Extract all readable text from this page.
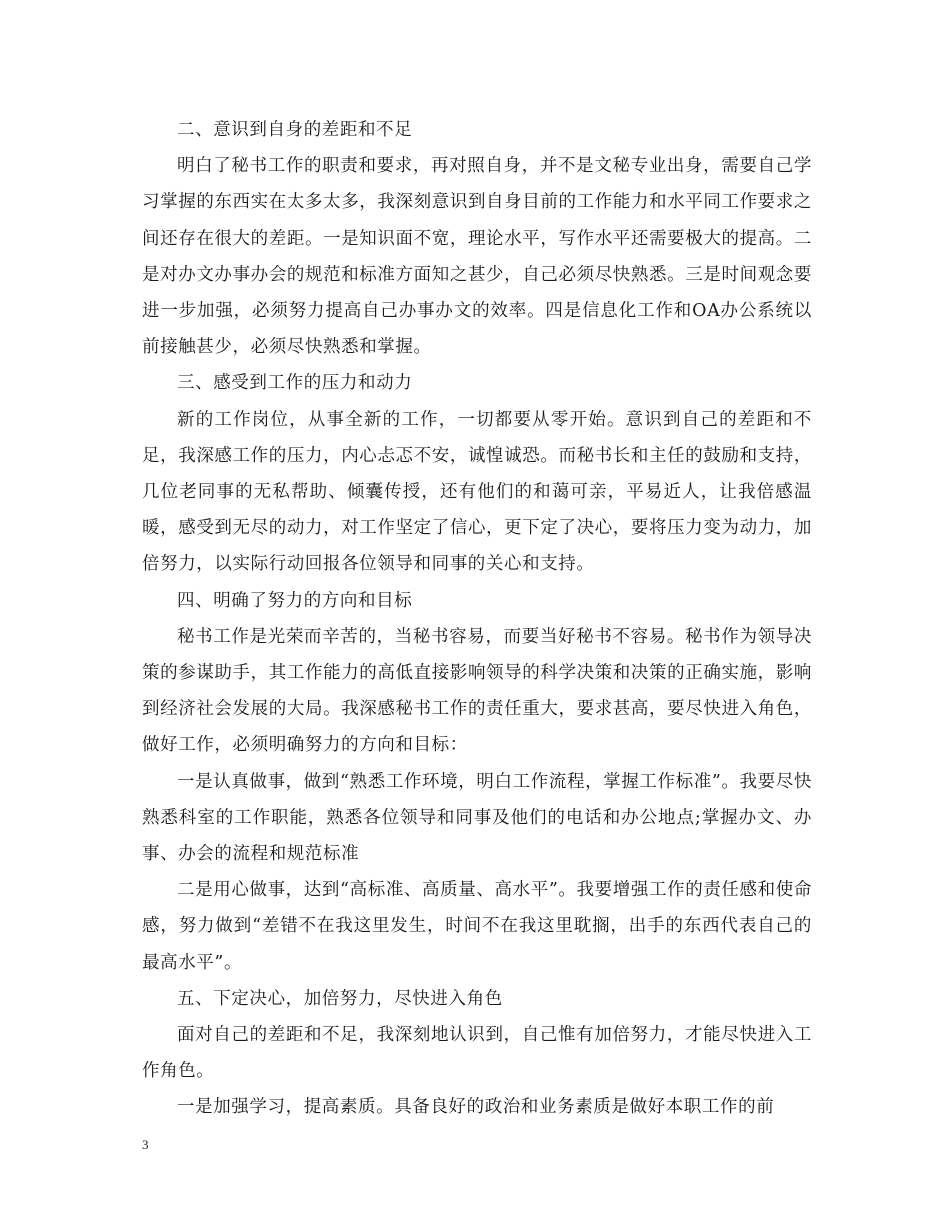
二、意识到自身的差距和不足

明白了秘书工作的职责和要求，再对照自身，并不是文秘专业出身，需要自己学习掌握的东西实在太多太多，我深刻意识到自身目前的工作能力和水平同工作要求之间还存在很大的差距。一是知识面不宽，理论水平，写作水平还需要极大的提高。二是对办文办事办会的规范和标准方面知之甚少，自己必须尽快熟悉。三是时间观念要进一步加强，必须努力提高自己办事办文的效率。四是信息化工作和OA办公系统以前接触甚少，必须尽快熟悉和掌握。

三、感受到工作的压力和动力

新的工作岗位，从事全新的工作，一切都要从零开始。意识到自己的差距和不足，我深感工作的压力，内心忐忑不安，诚惶诚恐。而秘书长和主任的鼓励和支持，几位老同事的无私帮助、倾囊传授，还有他们的和蔼可亲，平易近人，让我倍感温暖，感受到无尽的动力，对工作坚定了信心，更下定了决心，要将压力变为动力，加倍努力，以实际行动回报各位领导和同事的关心和支持。

四、明确了努力的方向和目标

秘书工作是光荣而辛苦的，当秘书容易，而要当好秘书不容易。秘书作为领导决策的参谋助手，其工作能力的高低直接影响领导的科学决策和决策的正确实施，影响到经济社会发展的大局。我深感秘书工作的责任重大，要求甚高，要尽快进入角色，做好工作，必须明确努力的方向和目标：

一是认真做事，做到“熟悉工作环境，明白工作流程，掌握工作标准”。我要尽快熟悉科室的工作职能，熟悉各位领导和同事及他们的电话和办公地点;掌握办文、办事、办会的流程和规范标准

二是用心做事，达到“高标准、高质量、高水平”。我要增强工作的责任感和使命感，努力做到“差错不在我这里发生，时间不在我这里耽搁，出手的东西代表自己的最高水平”。

五、下定决心，加倍努力，尽快进入角色

面对自己的差距和不足，我深刻地认识到，自己惟有加倍努力，才能尽快进入工作角色。

一是加强学习，提高素质。具备良好的政治和业务素质是做好本职工作的前

3
